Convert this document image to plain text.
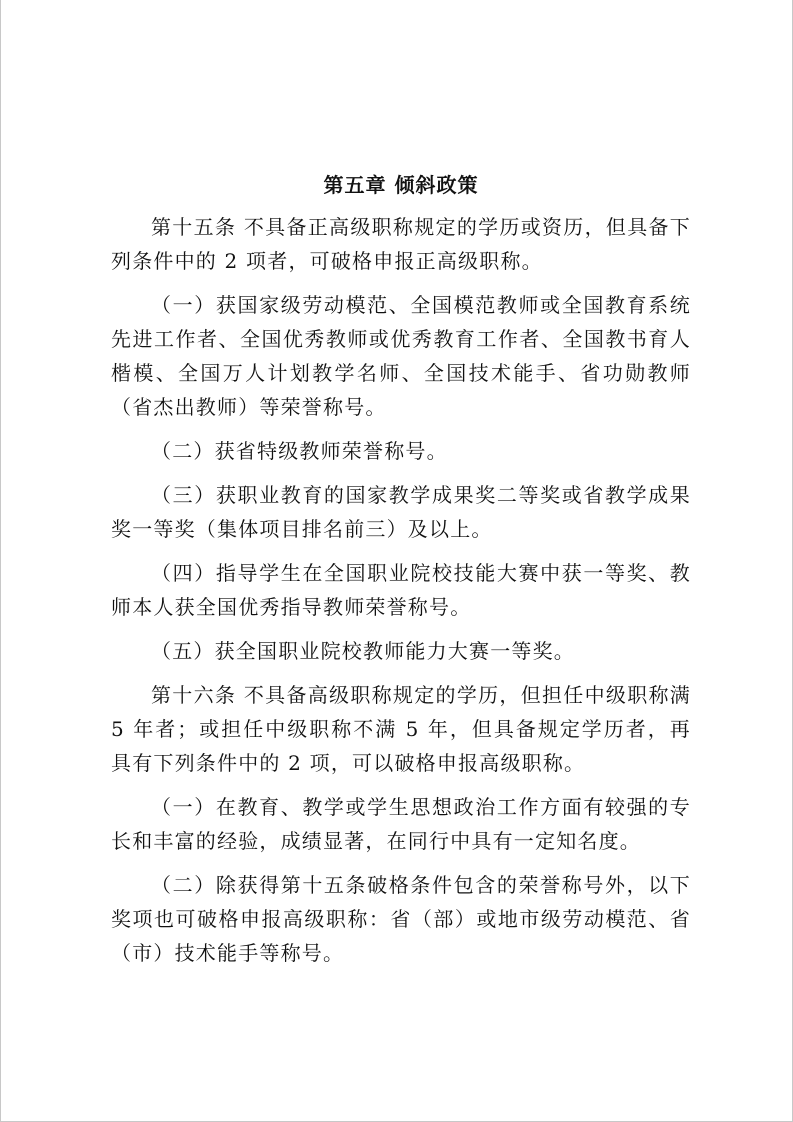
第五章 倾斜政策

第十五条 不具备正高级职称规定的学历或资历，但具备下列条件中的 2 项者，可破格申报正高级职称。

（一）获国家级劳动模范、全国模范教师或全国教育系统先进工作者、全国优秀教师或优秀教育工作者、全国教书育人楷模、全国万人计划教学名师、全国技术能手、省功勋教师（省杰出教师）等荣誉称号。

（二）获省特级教师荣誉称号。

（三）获职业教育的国家教学成果奖二等奖或省教学成果奖一等奖（集体项目排名前三）及以上。

（四）指导学生在全国职业院校技能大赛中获一等奖、教师本人获全国优秀指导教师荣誉称号。

（五）获全国职业院校教师能力大赛一等奖。

第十六条 不具备高级职称规定的学历，但担任中级职称满 5 年者；或担任中级职称不满 5 年，但具备规定学历者，再具有下列条件中的 2 项，可以破格申报高级职称。

（一）在教育、教学或学生思想政治工作方面有较强的专长和丰富的经验，成绩显著，在同行中具有一定知名度。

（二）除获得第十五条破格条件包含的荣誉称号外，以下奖项也可破格申报高级职称：省（部）或地市级劳动模范、省（市）技术能手等称号。
